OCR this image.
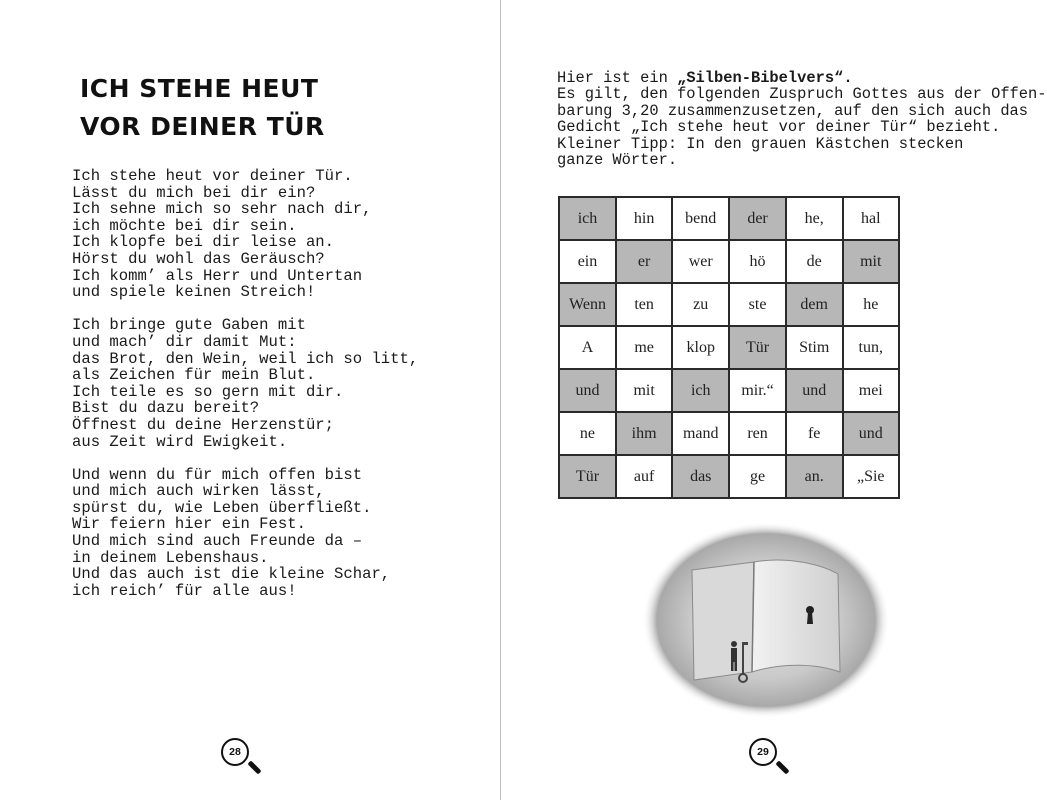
ICH STEHE HEUT
VOR DEINER TÜR
Ich stehe heut vor deiner Tür.
Lässt du mich bei dir ein?
Ich sehne mich so sehr nach dir,
ich möchte bei dir sein.
Ich klopfe bei dir leise an.
Hörst du wohl das Geräusch?
Ich komm’ als Herr und Untertan
und spiele keinen Streich!
Ich bringe gute Gaben mit
und mach’ dir damit Mut:
das Brot, den Wein, weil ich so litt,
als Zeichen für mein Blut.
Ich teile es so gern mit dir.
Bist du dazu bereit?
Öffnest du deine Herzenstür;
aus Zeit wird Ewigkeit.
Und wenn du für mich offen bist
und mich auch wirken lässt,
spürst du, wie Leben überfließt.
Wir feiern hier ein Fest.
Und mich sind auch Freunde da –
in deinem Lebenshaus.
Und das auch ist die kleine Schar,
ich reich’ für alle aus!
28
Hier ist ein „Silben-Bibelvers“.
Es gilt, den folgenden Zuspruch Gottes aus der Offen-
barung 3,20 zusammenzusetzen, auf den sich auch das
Gedicht „Ich stehe heut vor deiner Tür“ bezieht.
Kleiner Tipp: In den grauen Kästchen stecken
ganze Wörter.
ich	hin	bend	der	he,	hal
ein	er	wer	hö	de	mit
Wenn	ten	zu	ste	dem	he
A	me	klop	Tür	Stim	tun,
und	mit	ich	mir.“	und	mei
ne	ihm	mand	ren	fe	und
Tür	auf	das	ge	an.	„Sie
29
